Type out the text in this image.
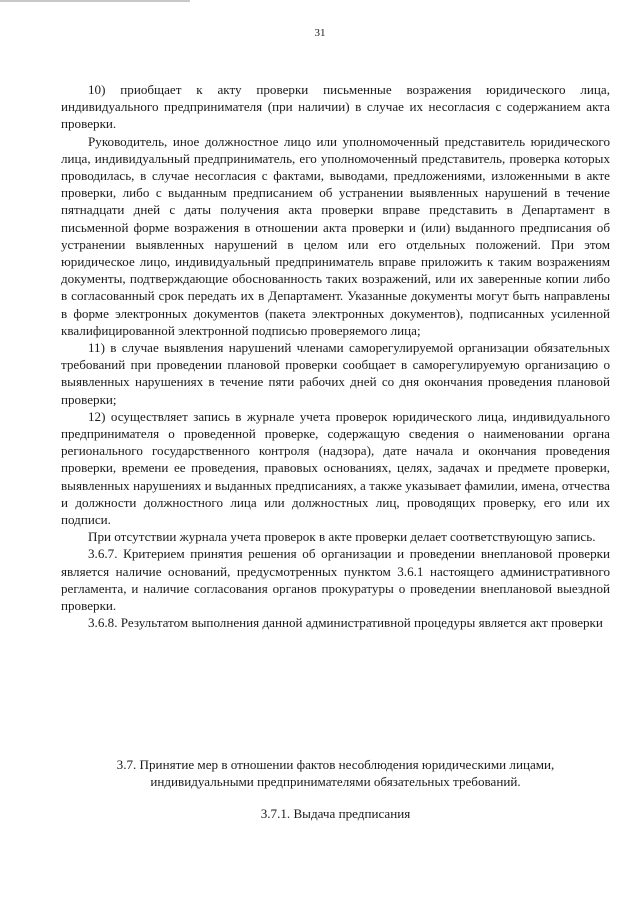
31

10) приобщает к акту проверки письменные возражения юридического лица, индивидуального предпринимателя (при наличии) в случае их несогласия с содержанием акта проверки.

Руководитель, иное должностное лицо или уполномоченный представитель юридического лица, индивидуальный предприниматель, его уполномоченный представитель, проверка которых проводилась, в случае несогласия с фактами, выводами, предложениями, изложенными в акте проверки, либо с выданным предписанием об устранении выявленных нарушений в течение пятнадцати дней с даты получения акта проверки вправе представить в Департамент в письменной форме возражения в отношении акта проверки и (или) выданного предписания об устранении выявленных нарушений в целом или его отдельных положений. При этом юридическое лицо, индивидуальный предприниматель вправе приложить к таким возражениям документы, подтверждающие обоснованность таких возражений, или их заверенные копии либо в согласованный срок передать их в Департамент. Указанные документы могут быть направлены в форме электронных документов (пакета электронных документов), подписанных усиленной квалифицированной электронной подписью проверяемого лица;

11) в случае выявления нарушений членами саморегулируемой организации обязательных требований при проведении плановой проверки сообщает в саморегулируемую организацию о выявленных нарушениях в течение пяти рабочих дней со дня окончания проведения плановой проверки;

12) осуществляет запись в журнале учета проверок юридического лица, индивидуального предпринимателя о проведенной проверке, содержащую сведения о наименовании органа регионального государственного контроля (надзора), дате начала и окончания проведения проверки, времени ее проведения, правовых основаниях, целях, задачах и предмете проверки, выявленных нарушениях и выданных предписаниях, а также указывает фамилии, имена, отчества и должности должностного лица или должностных лиц, проводящих проверку, его или их подписи.

При отсутствии журнала учета проверок в акте проверки делает соответствующую запись.

3.6.7. Критерием принятия решения об организации и проведении внеплановой проверки является наличие оснований, предусмотренных пунктом 3.6.1 настоящего административного регламента, и наличие согласования органов прокуратуры о проведении внеплановой выездной проверки.

3.6.8. Результатом выполнения данной административной процедуры является акт проверки

3.7. Принятие мер в отношении фактов несоблюдения юридическими лицами,
индивидуальными предпринимателями обязательных требований.
3.7.1. Выдача предписания
